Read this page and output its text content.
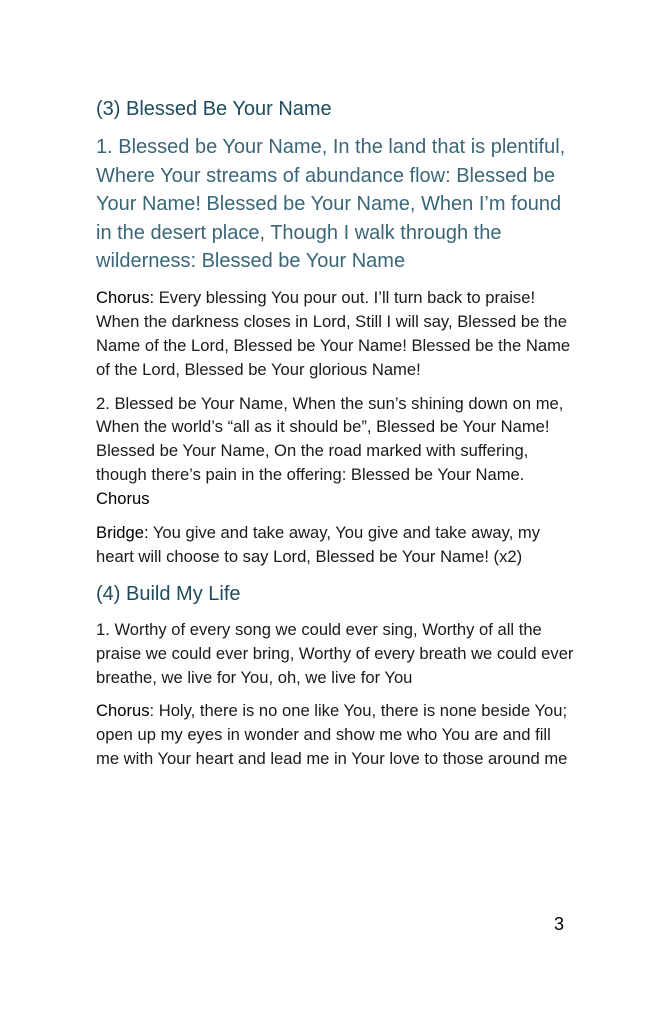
(3) Blessed Be Your Name

1. Blessed be Your Name, In the land that is plentiful, Where Your streams of abundance flow: Blessed be Your Name! Blessed be Your Name, When I’m found in the desert place, Though I walk through the wilderness: Blessed be Your Name

Chorus: Every blessing You pour out. I’ll turn back to praise! When the darkness closes in Lord, Still I will say, Blessed be the Name of the Lord, Blessed be Your Name! Blessed be the Name of the Lord, Blessed be Your glorious Name!

2. Blessed be Your Name, When the sun’s shining down on me, When the world’s “all as it should be”, Blessed be Your Name! Blessed be Your Name, On the road marked with suffering, though there’s pain in the offering: Blessed be Your Name. Chorus

Bridge: You give and take away, You give and take away, my heart will choose to say Lord, Blessed be Your Name! (x2)

(4) Build My Life

1. Worthy of every song we could ever sing, Worthy of all the praise we could ever bring, Worthy of every breath we could ever breathe, we live for You, oh, we live for You

Chorus: Holy, there is no one like You, there is none beside You; open up my eyes in wonder and show me who You are and fill me with Your heart and lead me in Your love to those around me

3
